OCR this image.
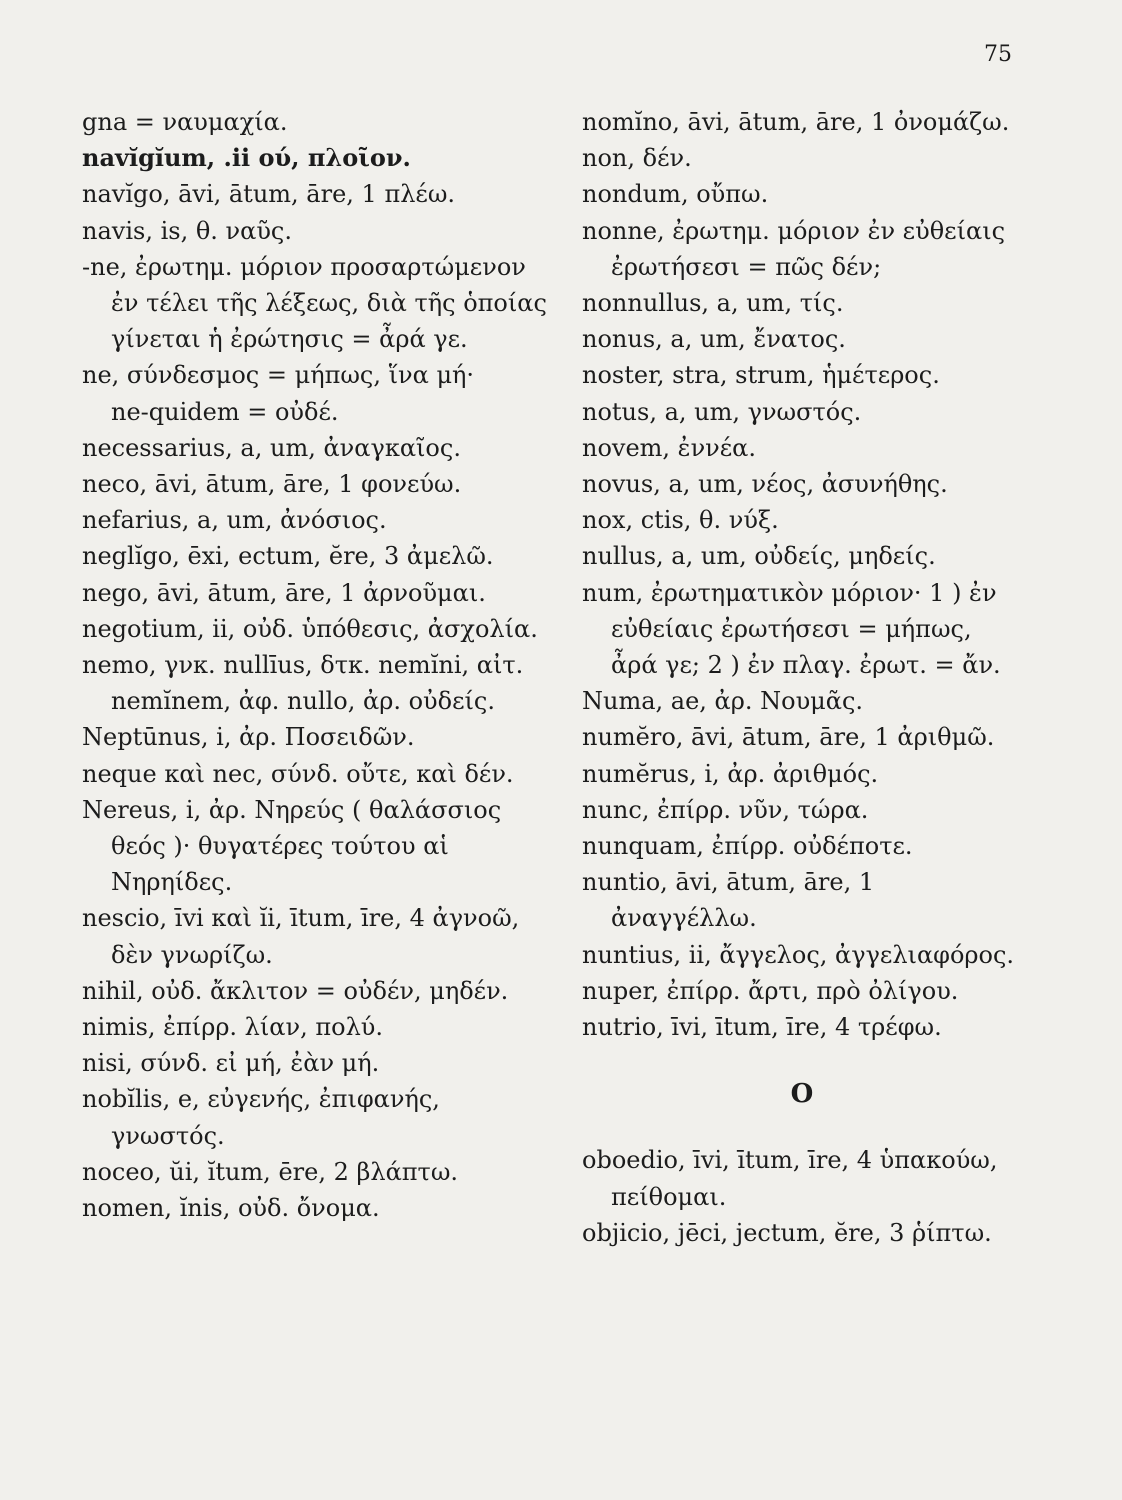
75

gna = ναυμαχία.

navĭgĭum, .ii ού, πλοῖον.

navĭgo, āvi, ātum, āre, 1 πλέω.

navis, is, θ. ναῦς.

-ne, ἐρωτημ. μόριον προσαρτώμενον ἐν τέλει τῆς λέξεως, διὰ τῆς ὁποίας γίνεται ἡ ἐρώτησις = ἆρά γε.

ne, σύνδεσμος = μήπως, ἵνα μή·

ne-quidem = οὐδέ.

necessarius, a, um, ἀναγκαῖος.

neco, āvi, ātum, āre, 1 φονεύω.

nefarius, a, um, ἀνόσιος.

neglĭgo, ēxi, ectum, ĕre, 3 ἀμελῶ.

nego, āvi, ātum, āre, 1 ἀρνοῦμαι.

negotium, ii, οὐδ. ὑπόθεσις, ἀσχολία.

nemo, γνκ. nullīus, δτκ. nemĭni, αἰτ. nemĭnem, ἀφ. nullo, ἀρ. οὐδείς.

Neptūnus, i, ἀρ. Ποσειδῶν.

neque καὶ nec, σύνδ. οὔτε, καὶ δέν.

Nereus, i, ἀρ. Νηρεύς ( θαλάσσιος θεός )· θυγατέρες τούτου αἱ Νηρηίδες.

nescio, īvi καὶ ĭi, ītum, īre, 4 ἀγνοῶ, δὲν γνωρίζω.

nihil, οὐδ. ἄκλιτον = οὐδέν, μηδέν.

nimis, ἐπίρρ. λίαν, πολύ.

nisi, σύνδ. εἰ μή, ἐὰν μή.

nobĭlis, e, εὐγενής, ἐπιφανής, γνωστός.

noceo, ŭi, ĭtum, ēre, 2 βλάπτω.

nomen, ĭnis, οὐδ. ὄνομα.

nomĭno, āvi, ātum, āre, 1 ὀνομάζω.

non, δέν.

nondum, οὔπω.

nonne, ἐρωτημ. μόριον ἐν εὐθείαις ἐρωτήσεσι = πῶς δέν;

nonnullus, a, um, τίς.

nonus, a, um, ἔνατος.

noster, stra, strum, ἡμέτερος.

notus, a, um, γνωστός.

novem, ἐννέα.

novus, a, um, νέος, ἀσυνήθης.

nox, ctis, θ. νύξ.

nullus, a, um, οὐδείς, μηδείς.

num, ἐρωτηματικὸν μόριον· 1 ) ἐν εὐθείαις ἐρωτήσεσι = μήπως, ἆρά γε; 2 ) ἐν πλαγ. ἐρωτ. = ἄν.

Numa, ae, ἀρ. Νουμᾶς.

numĕro, āvi, ātum, āre, 1 ἀριθμῶ.

numĕrus, i, ἀρ. ἀριθμός.

nunc, ἐπίρρ. νῦν, τώρα.

nunquam, ἐπίρρ. οὐδέποτε.

nuntio, āvi, ātum, āre, 1 ἀναγγέλλω.

nuntius, ii, ἄγγελος, ἀγγελιαφόρος.

nuper, ἐπίρρ. ἄρτι, πρὸ ὀλίγου.

nutrio, īvi, ītum, īre, 4 τρέφω.

O

oboedio, īvi, ītum, īre, 4 ὑπακούω, πείθομαι.

objicio, jēci, jectum, ĕre, 3 ῥίπτω.
